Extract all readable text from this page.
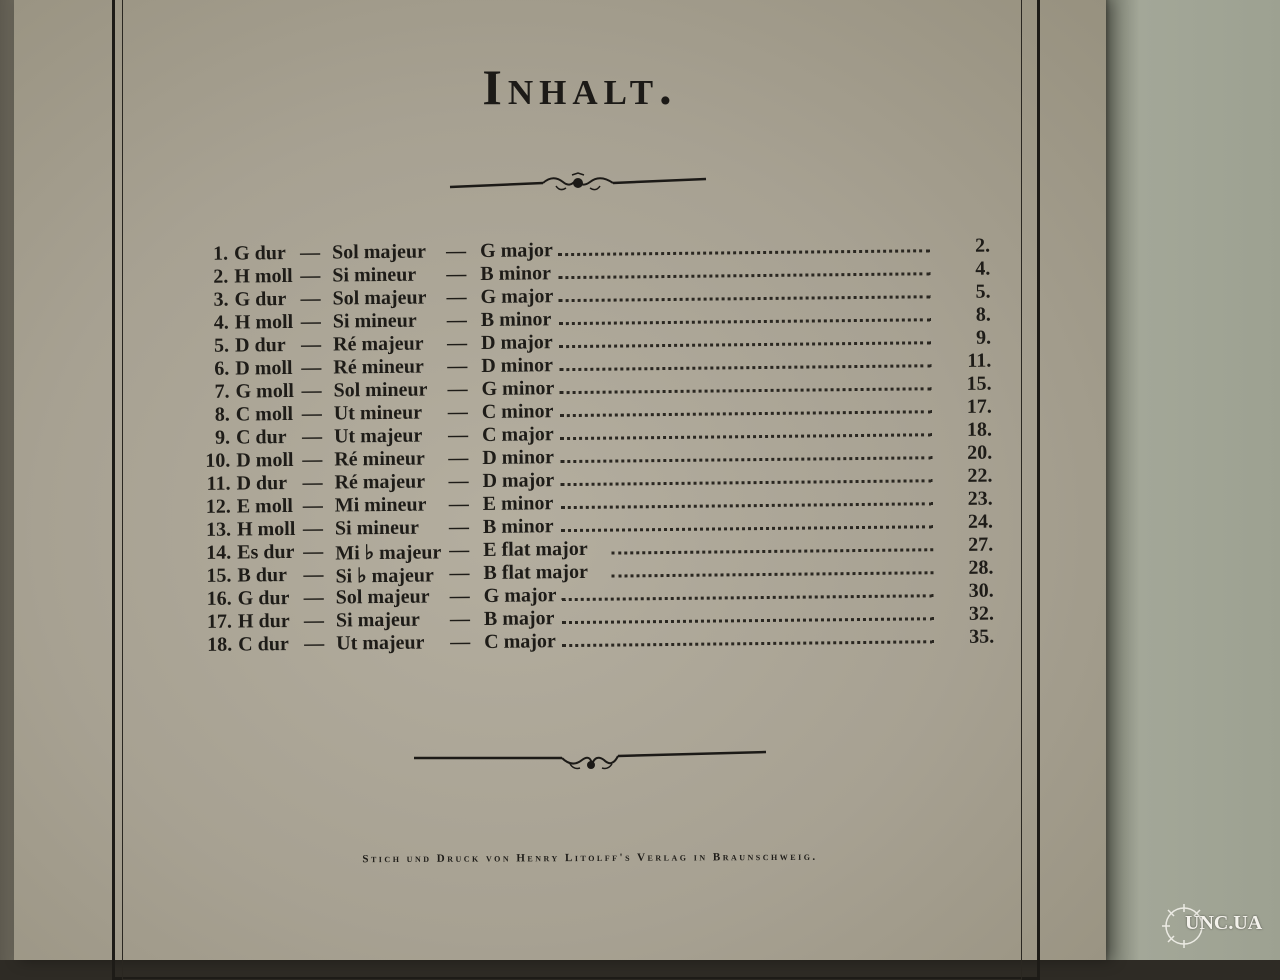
Inhalt.
1. G dur — Sol majeur — G major	2.
2. H moll — Si mineur — B minor	4.
3. G dur — Sol majeur — G major	5.
4. H moll — Si mineur — B minor	8.
5. D dur — Ré majeur — D major	9.
6. D moll — Ré mineur — D minor	11.
7. G moll — Sol mineur — G minor	15.
8. C moll — Ut mineur — C minor	17.
9. C dur — Ut majeur — C major	18.
10. D moll — Ré mineur — D minor	20.
11. D dur — Ré majeur — D major	22.
12. E moll — Mi mineur — E minor	23.
13. H moll — Si mineur — B minor	24.
14. Es dur — Mi ♭ majeur — E flat major	27.
15. B dur — Si ♭ majeur — B flat major	28.
16. G dur — Sol majeur — G major	30.
17. H dur — Si majeur — B major	32.
18. C dur — Ut majeur — C major	35.
Stich und Druck von Henry Litolff's Verlag in Braunschweig.
UNC.UA
